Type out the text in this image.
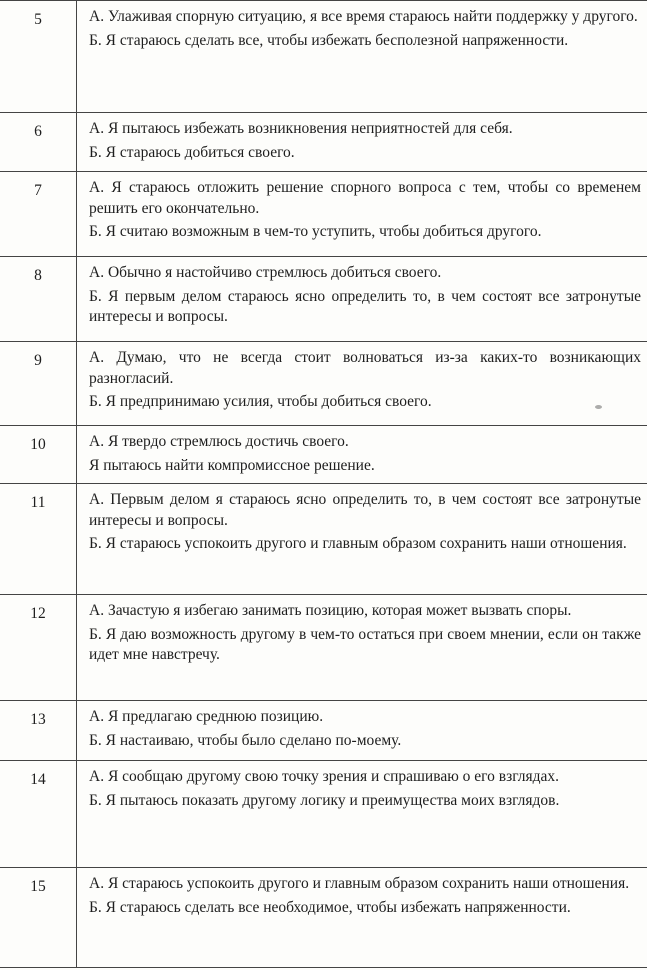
5	А. Улаживая спорную ситуацию, я все время стараюсь найти поддержку у другого.

Б. Я стараюсь сделать все, чтобы избежать бесполезной напряженности.

6	А. Я пытаюсь избежать возникновения неприятностей для себя.

Б. Я стараюсь добиться своего.

7	А. Я стараюсь отложить решение спорного вопроса с тем, чтобы со временем решить его окончательно.

Б. Я считаю возможным в чем-то уступить, чтобы добиться другого.

8	А. Обычно я настойчиво стремлюсь добиться своего.

Б. Я первым делом стараюсь ясно определить то, в чем состоят все затронутые интересы и вопросы.

9	А. Думаю, что не всегда стоит волноваться из-за каких-то возникающих разногласий.

Б. Я предпринимаю усилия, чтобы добиться своего.

10	А. Я твердо стремлюсь достичь своего.

Я пытаюсь найти компромиссное решение.

11	А. Первым делом я стараюсь ясно определить то, в чем состоят все затронутые интересы и вопросы.

Б. Я стараюсь успокоить другого и главным образом сохранить наши отношения.

12	А. Зачастую я избегаю занимать позицию, которая может вызвать споры.

Б. Я даю возможность другому в чем-то остаться при своем мнении, если он также идет мне навстречу.

13	А. Я предлагаю среднюю позицию.

Б. Я настаиваю, чтобы было сделано по-моему.

14	А. Я сообщаю другому свою точку зрения и спрашиваю о его взглядах.

Б. Я пытаюсь показать другому логику и преимущества моих взглядов.

15	А. Я стараюсь успокоить другого и главным образом сохранить наши отношения.

Б. Я стараюсь сделать все необходимое, чтобы избежать напряженности.
